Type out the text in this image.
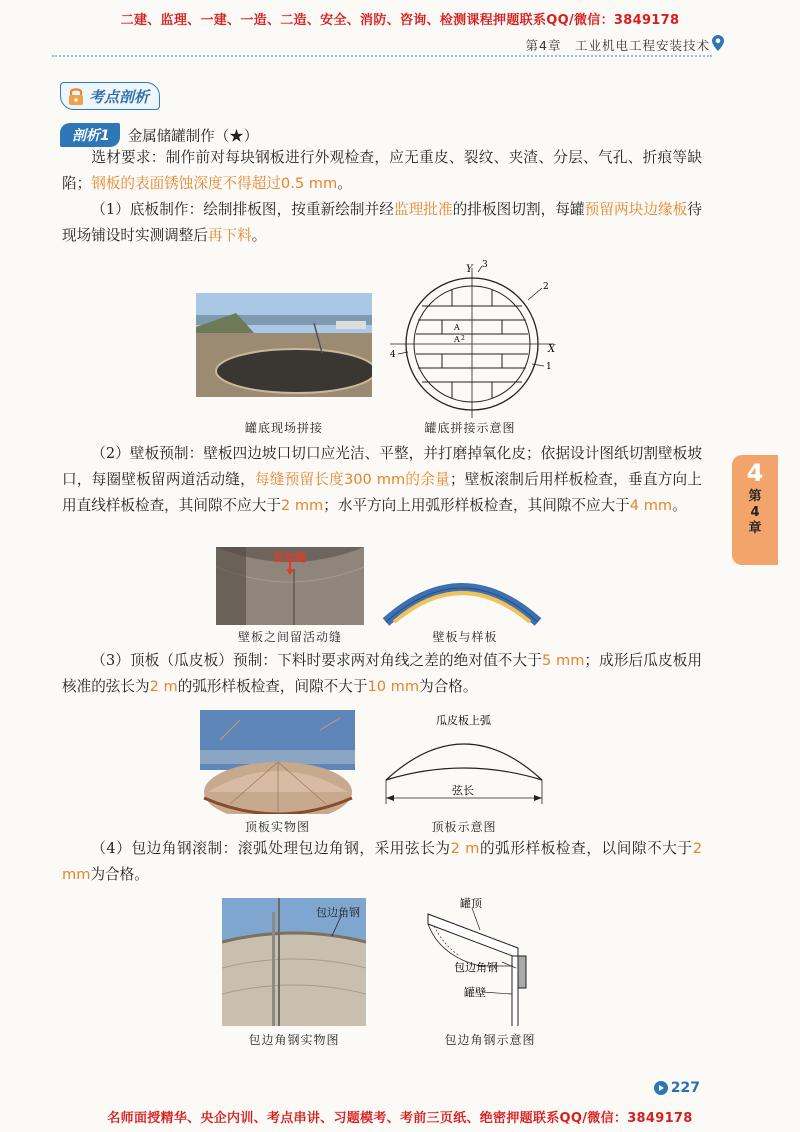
二建、监理、一建、一造、二造、安全、消防、咨询、检测课程押题联系QQ/微信：3849178
第4章　工业机电工程安装技术
考点剖析
剖析1	金属储罐制作（★）

选材要求：制作前对每块钢板进行外观检查，应无重皮、裂纹、夹渣、分层、气孔、折痕等缺陷；钢板的表面锈蚀深度不得超过0.5 mm。

（1）底板制作：绘制排板图，按重新绘制并经监理批准的排板图切割，每罐预留两块边缘板待现场铺设时实测调整后再下料。

罐底现场拼接
Y
X
3
2
1
4
A
A 2
罐底拼接示意图

（2）壁板预制：壁板四边坡口切口应光洁、平整，并打磨掉氧化皮；依据设计图纸切割壁板坡口，每圈壁板留两道活动缝，每缝预留长度300 mm的余量；壁板滚制后用样板检查，垂直方向上用直线样板检查，其间隙不应大于2 mm；水平方向上用弧形样板检查，其间隙不应大于4 mm。

活动缝
壁板之间留活动缝	壁板与样板

（3）顶板（瓜皮板）预制：下料时要求两对角线之差的绝对值不大于5 mm；成形后瓜皮板用核准的弦长为2 m的弧形样板检查，间隙不大于10 mm为合格。

顶板实物图
瓜皮板上弧
弦长
顶板示意图

（4）包边角钢滚制：滚弧处理包边角钢，采用弦长为2 m的弧形样板检查，以间隙不大于2 mm为合格。

包边角钢
包边角钢实物图
罐顶
包边角钢
罐壁
包边角钢示意图
4
第
4
章
227
名师面授精华、央企内训、考点串讲、习题模考、考前三页纸、绝密押题联系QQ/微信：3849178
